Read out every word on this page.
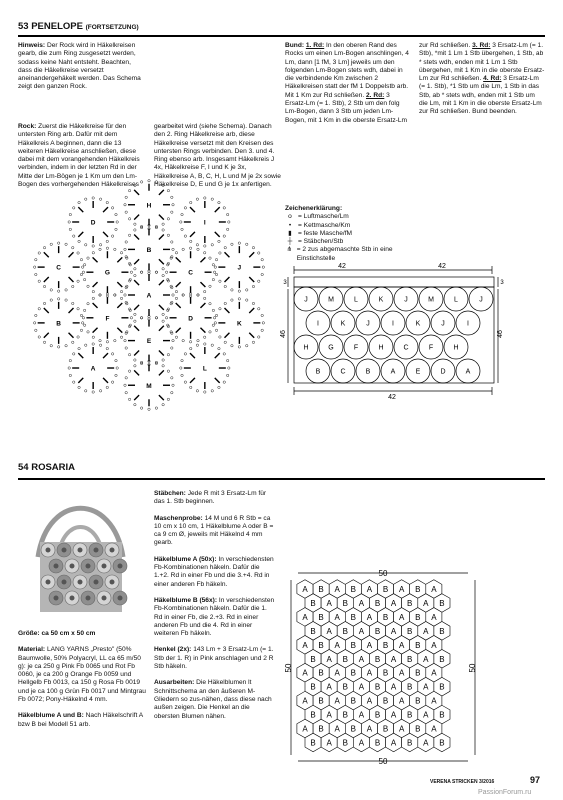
53 PENELOPE (FORTSETZUNG)

Hinweis: Der Rock wird in Häkelkreisen gearb, die zum Ring zusgesetzt werden, sodass keine Naht entsteht. Beachten, dass die Häkelkreise versetzt aneinandergehäkelt werden. Das Schema zeigt den ganzen Rock.

Rock: Zuerst die Häkelkreise für den untersten Ring arb. Dafür mit dem Häkelkreis A beginnen, dann die 13 weiteren Häkelkreise anschließen, diese dabei mit dem vorangehenden Häkelkreis verbinden, indem in der letzten Rd in der Mitte der Lm-Bögen je 1 Km um den Lm-Bogen des vorhergehenden Häkelkreises gearbeitet wird (siehe Schema). Danach den 2. Ring Häkelkreise arb, diese Häkelkreise versetzt mit den Kreisen des untersten Rings verbinden. Den 3. und 4. Ring ebenso arb. Insgesamt Häkelkreis J 4x, Häkelkreise F, I und K je 3x, Häkelkreise A, B, C, H, L und M je 2x sowie Häkelkreise D, E und G je 1x anfertigen.
Bund: 1. Rd: In den oberen Rand des Rocks um einen Lm-Bogen anschlingen, 4 Lm, dann [1 fM, 3 Lm] jeweils um den folgenden Lm-Bogen stets wdh, dabei in die verbindende Km zwischen 2 Häkelkreisen statt der fM 1 Doppelstb arb. Mit 1 Km zur Rd schließen. 2. Rd: 3 Ersatz-Lm (= 1. Stb), 2 Stb um den folg Lm-Bogen, dann 3 Stb um jeden Lm-Bogen, mit 1 Km in die oberste Ersatz-Lm zur Rd schließen. 3. Rd: 3 Ersatz-Lm (= 1. Stb), *mit 1 Lm 1 Stb übergehen, 1 Stb, ab * stets wdh, enden mit 1 Lm 1 Stb übergehen, mit 1 Km in die oberste Ersatz-Lm zur Rd schließen. 4. Rd: 3 Ersatz-Lm (= 1. Stb), *1 Stb um die Lm, 1 Stb in das Stb, ab * stets wdh, enden mit 1 Stb um die Lm, mit 1 Km in die oberste Ersatz-Lm zur Rd schließen. Bund beenden.
Zeichenerklärung:
o = Luftmasche/Lm
•	= Kettmasche/Km
▮ = feste Masche/fM
┼ = Stäbchen/Stb
⋔ = 2 zus abgemaschte Stb in eine Einstichstelle
A
B
C
D
E
F
G
H
I
J
K
L
M
A
B
C
D
42	42
42
46	46
3	3
J	M	L	K	J	M	L	J
I	K	J	I	K	J	I
H	G	F	H	C	F	H
B	C	B	A	E	D	A
54 ROSARIA

Größe: ca 50 cm x 50 cm

Material: LANG YARNS „Presto" (50% Baumwolle, 50% Polyacryl, LL ca 65 m/50 g): je ca 250 g Pink Fb 0065 und Rot Fb 0060, je ca 200 g Orange Fb 0059 und Hellgelb Fb 0013, ca 150 g Rosa Fb 0019 und je ca 100 g Grün Fb 0017 und Mintgrau Fb 0072; Pony-Häkelnd 4 mm.

Häkelblume A und B: Nach Häkelschrift A bzw B bei Modell 51 arb.

Stäbchen: Jede R mit 3 Ersatz-Lm für das 1. Stb beginnen.

Maschenprobe: 14 M und 6 R Stb = ca 10 cm x 10 cm, 1 Häkelblume A oder B = ca 9 cm Ø, jeweils mit Häkelnd 4 mm gearb.

Häkelblume A (50x): In verschiedensten Fb-Kombinationen häkeln. Dafür die 1.+2. Rd in einer Fb und die 3.+4. Rd in einer anderen Fb häkeln.

Häkelblume B (56x): In verschiedensten Fb-Kombinationen häkeln. Dafür die 1. Rd in einer Fb, die 2.+3. Rd in einer anderen Fb und die 4. Rd in einer weiteren Fb häkeln.

Henkel (2x): 143 Lm + 3 Ersatz-Lm (= 1. Stb der 1. R) in Pink anschlagen und 2 R Stb häkeln.

Ausarbeiten: Die Häkelblumen lt Schnittschema an den äußeren M-Gliedern so zus-nähen, dass diese nach außen zeigen. Die Henkel an die obersten Blumen nähen.

50
50
50	50
A B A B A B A B A
B A B A B A B A B
A B A B A B A B A
B A B A B A B A B
A B A B A B A B A
B A B A B A B A B
A B A B A B A B A
B A B A B A B A B
A B A B A B A B A
B A B A B A B A B
A B A B A B A B A
B A B A B A B A B
VERENA STRICKEN 3/2016	97
PassionForum.ru
